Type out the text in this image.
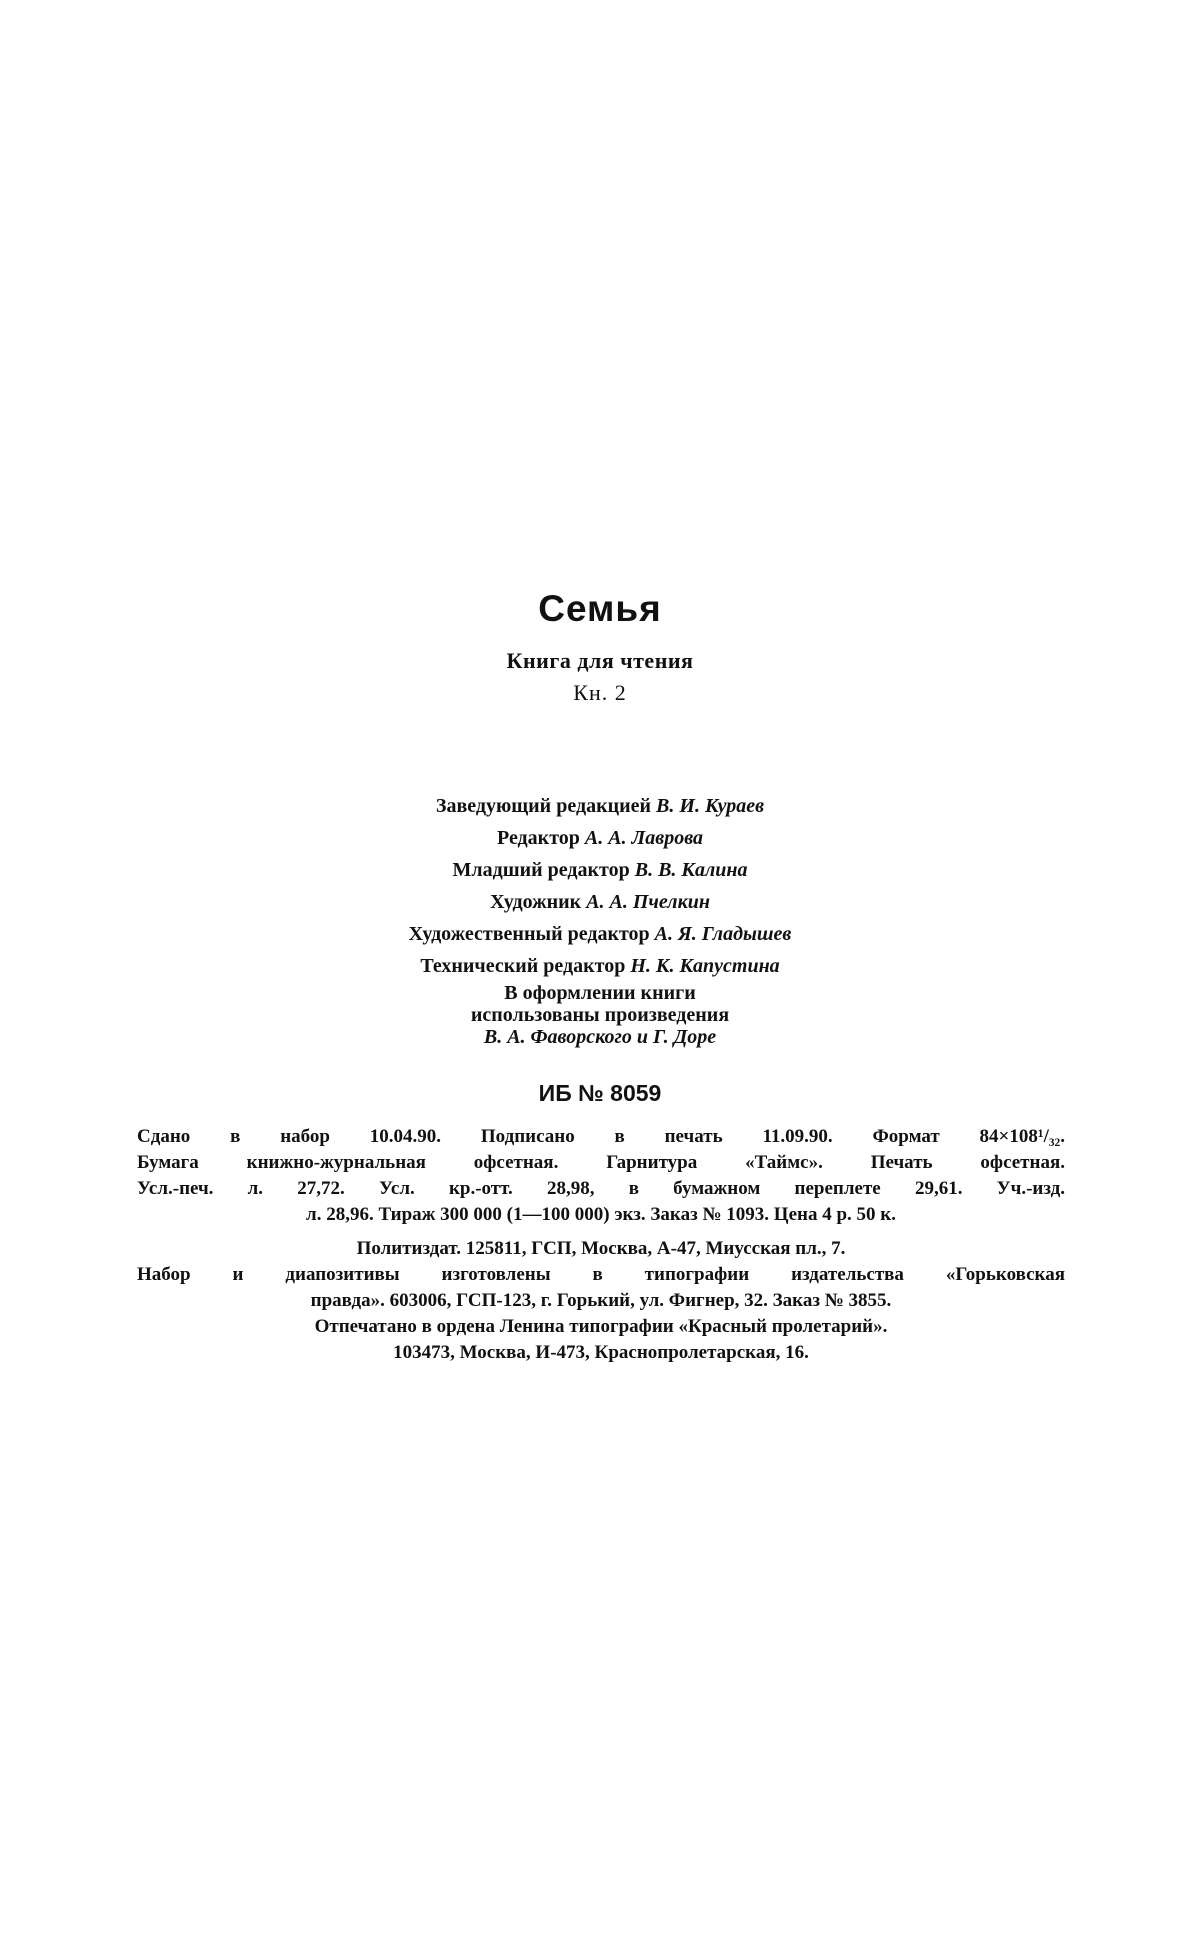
Семья
Книга для чтения
Кн. 2
Заведующий редакцией В. И. Кураев
Редактор А. А. Лаврова
Младший редактор В. В. Калина
Художник А. А. Пчелкин
Художественный редактор А. Я. Гладышев
Технический редактор Н. К. Капустина
В оформлении книги
использованы произведения
В. А. Фаворского и Г. Доре
ИБ № 8059
Сдано в набор 10.04.90. Подписано в печать 11.09.90. Формат 84×108¹/₃₂.
Бумага книжно-журнальная офсетная. Гарнитура «Таймс». Печать офсетная.
Усл.-печ. л. 27,72. Усл. кр.-отт. 28,98, в бумажном переплете 29,61. Уч.-изд.
л. 28,96. Тираж 300 000 (1—100 000) экз. Заказ № 1093. Цена 4 р. 50 к.
Политиздат. 125811, ГСП, Москва, А-47, Миусская пл., 7.
Набор и диапозитивы изготовлены в типографии издательства «Горьковская
правда». 603006, ГСП-123, г. Горький, ул. Фигнер, 32. Заказ № 3855.
Отпечатано в ордена Ленина типографии «Красный пролетарий».
103473, Москва, И-473, Краснопролетарская, 16.
